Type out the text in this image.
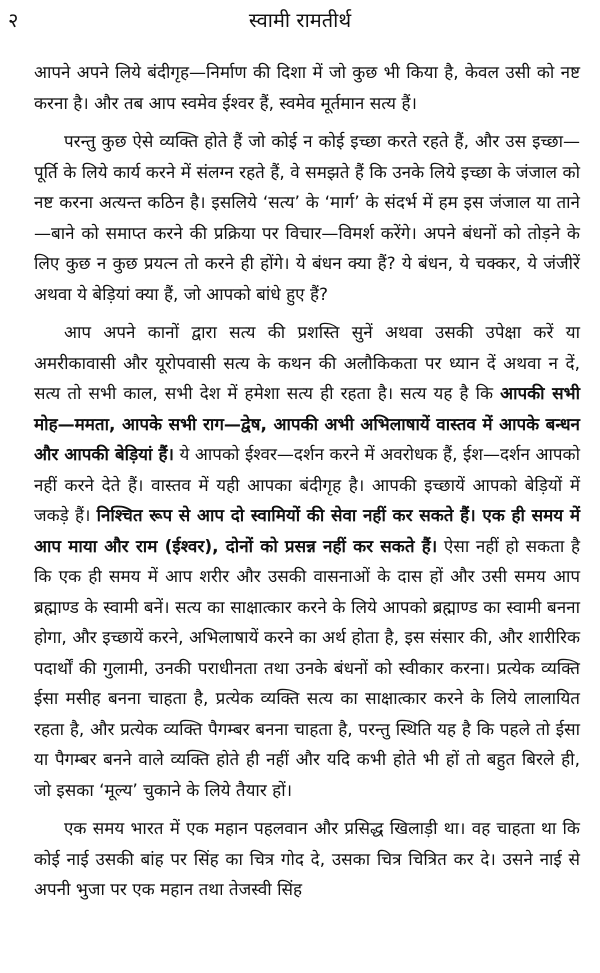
२	स्वामी रामतीर्थ

आपने अपने लिये बंदीगृह—निर्माण की दिशा में जो कुछ भी किया है, केवल उसी को नष्ट करना है। और तब आप स्वमेव ईश्वर हैं, स्वमेव मूर्तमान सत्य हैं।

परन्तु कुछ ऐसे व्यक्ति होते हैं जो कोई न कोई इच्छा करते रहते हैं, और उस इच्छा—पूर्ति के लिये कार्य करने में संलग्न रहते हैं, वे समझते हैं कि उनके लिये इच्छा के जंजाल को नष्ट करना अत्यन्त कठिन है। इसलिये ‘सत्य’ के ‘मार्ग’ के संदर्भ में हम इस जंजाल या ताने—बाने को समाप्त करने की प्रक्रिया पर विचार—विमर्श करेंगे। अपने बंधनों को तोड़ने के लिए कुछ न कुछ प्रयत्न तो करने ही होंगे। ये बंधन क्या हैं? ये बंधन, ये चक्कर, ये जंजीरें अथवा ये बेड़ियां क्या हैं, जो आपको बांधे हुए हैं?

आप अपने कानों द्वारा सत्य की प्रशस्ति सुनें अथवा उसकी उपेक्षा करें या अमरीकावासी और यूरोपवासी सत्य के कथन की अलौकिकता पर ध्यान दें अथवा न दें, सत्य तो सभी काल, सभी देश में हमेशा सत्य ही रहता है। सत्य यह है कि आपकी सभी मोह—ममता, आपके सभी राग—द्वेष, आपकी अभी अभिलाषायें वास्तव में आपके बन्धन और आपकी बेड़ियां हैं। ये आपको ईश्वर—दर्शन करने में अवरोधक हैं, ईश—दर्शन आपको नहीं करने देते हैं। वास्तव में यही आपका बंदीगृह है। आपकी इच्छायें आपको बेड़ियों में जकड़े हैं। निश्चित रूप से आप दो स्वामियों की सेवा नहीं कर सकते हैं। एक ही समय में आप माया और राम (ईश्वर), दोनों को प्रसन्न नहीं कर सकते हैं। ऐसा नहीं हो सकता है कि एक ही समय में आप शरीर और उसकी वासनाओं के दास हों और उसी समय आप ब्रह्माण्ड के स्वामी बनें। सत्य का साक्षात्कार करने के लिये आपको ब्रह्माण्ड का स्वामी बनना होगा, और इच्छायें करने, अभिलाषायें करने का अर्थ होता है, इस संसार की, और शारीरिक पदार्थों की गुलामी, उनकी पराधीनता तथा उनके बंधनों को स्वीकार करना। प्रत्येक व्यक्ति ईसा मसीह बनना चाहता है, प्रत्येक व्यक्ति सत्य का साक्षात्कार करने के लिये लालायित रहता है, और प्रत्येक व्यक्ति पैगम्बर बनना चाहता है, परन्तु स्थिति यह है कि पहले तो ईसा या पैगम्बर बनने वाले व्यक्ति होते ही नहीं और यदि कभी होते भी हों तो बहुत बिरले ही, जो इसका ‘मूल्य’ चुकाने के लिये तैयार हों।

एक समय भारत में एक महान पहलवान और प्रसिद्ध खिलाड़ी था। वह चाहता था कि कोई नाई उसकी बांह पर सिंह का चित्र गोद दे, उसका चित्र चित्रित कर दे। उसने नाई से अपनी भुजा पर एक महान तथा तेजस्वी सिंह
